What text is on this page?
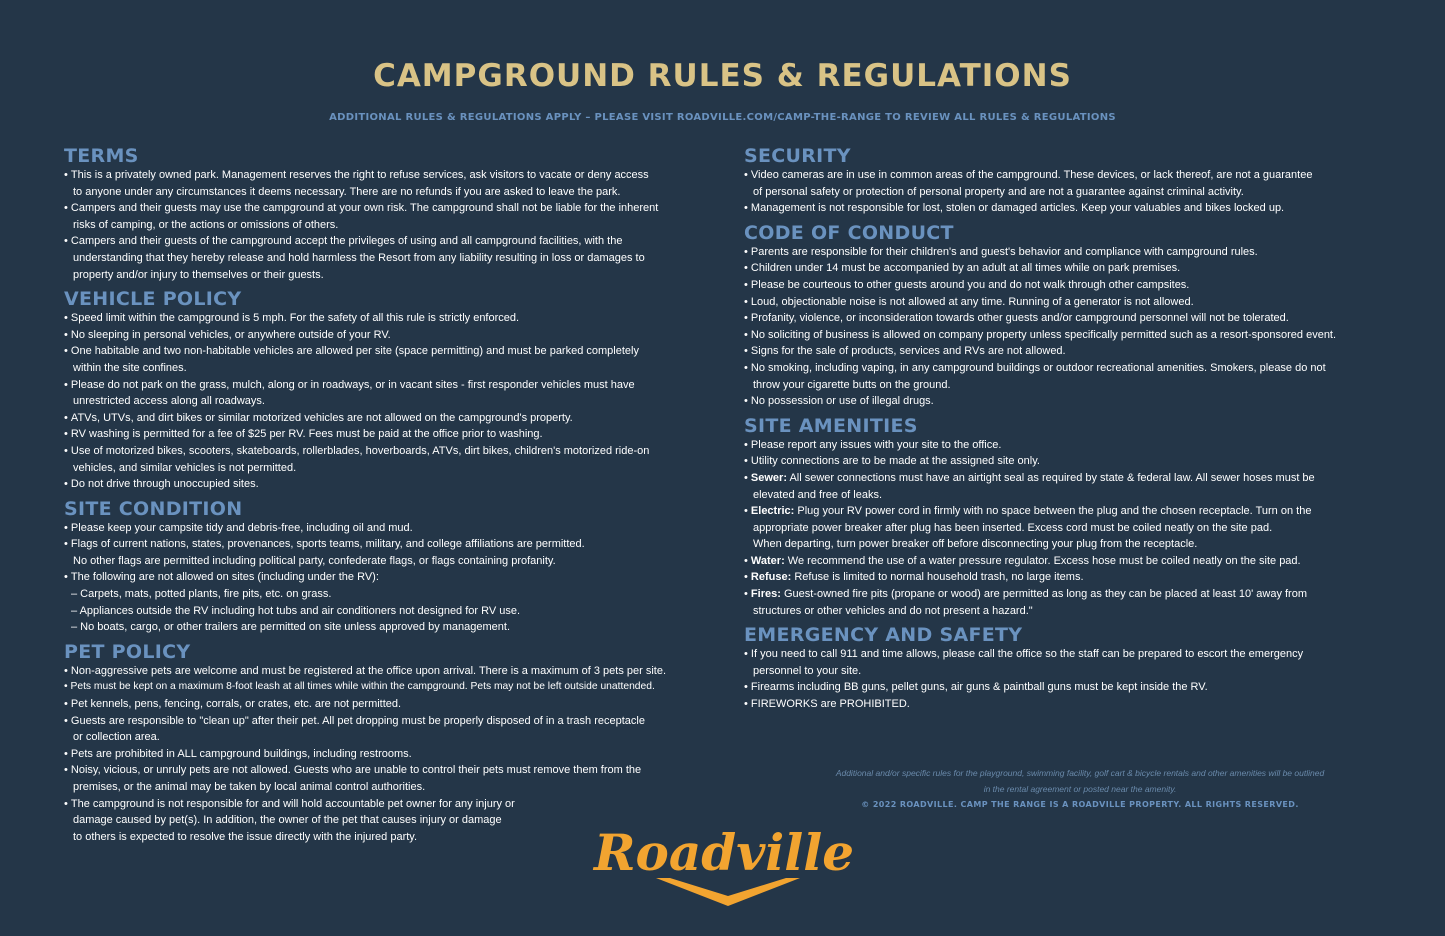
CAMPGROUND RULES & REGULATIONS
ADDITIONAL RULES & REGULATIONS APPLY – PLEASE VISIT ROADVILLE.COM/CAMP-THE-RANGE TO REVIEW ALL RULES & REGULATIONS
TERMS
• This is a privately owned park. Management reserves the right to refuse services, ask visitors to vacate or deny access
to anyone under any circumstances it deems necessary. There are no refunds if you are asked to leave the park.
• Campers and their guests may use the campground at your own risk. The campground shall not be liable for the inherent
risks of camping, or the actions or omissions of others.
• Campers and their guests of the campground accept the privileges of using and all campground facilities, with the
understanding that they hereby release and hold harmless the Resort from any liability resulting in loss or damages to
property and/or injury to themselves or their guests.
VEHICLE POLICY
• Speed limit within the campground is 5 mph. For the safety of all this rule is strictly enforced.
• No sleeping in personal vehicles, or anywhere outside of your RV.
• One habitable and two non-habitable vehicles are allowed per site (space permitting) and must be parked completely
within the site confines.
• Please do not park on the grass, mulch, along or in roadways, or in vacant sites - first responder vehicles must have
unrestricted access along all roadways.
• ATVs, UTVs, and dirt bikes or similar motorized vehicles are not allowed on the campground's property.
• RV washing is permitted for a fee of $25 per RV. Fees must be paid at the office prior to washing.
• Use of motorized bikes, scooters, skateboards, rollerblades, hoverboards, ATVs, dirt bikes, children's motorized ride-on
vehicles, and similar vehicles is not permitted.
• Do not drive through unoccupied sites.
SITE CONDITION
• Please keep your campsite tidy and debris-free, including oil and mud.
• Flags of current nations, states, provenances, sports teams, military, and college affiliations are permitted.
No other flags are permitted including political party, confederate flags, or flags containing profanity.
• The following are not allowed on sites (including under the RV):
– Carpets, mats, potted plants, fire pits, etc. on grass.
– Appliances outside the RV including hot tubs and air conditioners not designed for RV use.
– No boats, cargo, or other trailers are permitted on site unless approved by management.
PET POLICY
• Non-aggressive pets are welcome and must be registered at the office upon arrival. There is a maximum of 3 pets per site.
• Pets must be kept on a maximum 8-foot leash at all times while within the campground. Pets may not be left outside unattended.
• Pet kennels, pens, fencing, corrals, or crates, etc. are not permitted.
• Guests are responsible to "clean up" after their pet. All pet dropping must be properly disposed of in a trash receptacle
or collection area.
• Pets are prohibited in ALL campground buildings, including restrooms.
• Noisy, vicious, or unruly pets are not allowed. Guests who are unable to control their pets must remove them from the
premises, or the animal may be taken by local animal control authorities.
• The campground is not responsible for and will hold accountable pet owner for any injury or
damage caused by pet(s). In addition, the owner of the pet that causes injury or damage
to others is expected to resolve the issue directly with the injured party.
SECURITY
• Video cameras are in use in common areas of the campground. These devices, or lack thereof, are not a guarantee
of personal safety or protection of personal property and are not a guarantee against criminal activity.
• Management is not responsible for lost, stolen or damaged articles. Keep your valuables and bikes locked up.
CODE OF CONDUCT
• Parents are responsible for their children's and guest's behavior and compliance with campground rules.
• Children under 14 must be accompanied by an adult at all times while on park premises.
• Please be courteous to other guests around you and do not walk through other campsites.
• Loud, objectionable noise is not allowed at any time. Running of a generator is not allowed.
• Profanity, violence, or inconsideration towards other guests and/or campground personnel will not be tolerated.
• No soliciting of business is allowed on company property unless specifically permitted such as a resort-sponsored event.
• Signs for the sale of products, services and RVs are not allowed.
• No smoking, including vaping, in any campground buildings or outdoor recreational amenities. Smokers, please do not
throw your cigarette butts on the ground.
• No possession or use of illegal drugs.
SITE AMENITIES
• Please report any issues with your site to the office.
• Utility connections are to be made at the assigned site only.
• Sewer: All sewer connections must have an airtight seal as required by state & federal law. All sewer hoses must be
elevated and free of leaks.
• Electric: Plug your RV power cord in firmly with no space between the plug and the chosen receptacle. Turn on the
appropriate power breaker after plug has been inserted. Excess cord must be coiled neatly on the site pad.
When departing, turn power breaker off before disconnecting your plug from the receptacle.
• Water: We recommend the use of a water pressure regulator. Excess hose must be coiled neatly on the site pad.
• Refuse: Refuse is limited to normal household trash, no large items.
• Fires: Guest-owned fire pits (propane or wood) are permitted as long as they can be placed at least 10' away from
structures or other vehicles and do not present a hazard."
EMERGENCY AND SAFETY
• If you need to call 911 and time allows, please call the office so the staff can be prepared to escort the emergency
personnel to your site.
• Firearms including BB guns, pellet guns, air guns & paintball guns must be kept inside the RV.
• FIREWORKS are PROHIBITED.
Additional and/or specific rules for the playground, swimming facility, golf cart & bicycle rentals and other amenities will be outlined
in the rental agreement or posted near the amenity.
© 2022 ROADVILLE. CAMP THE RANGE IS A ROADVILLE PROPERTY. ALL RIGHTS RESERVED.
Roadville
